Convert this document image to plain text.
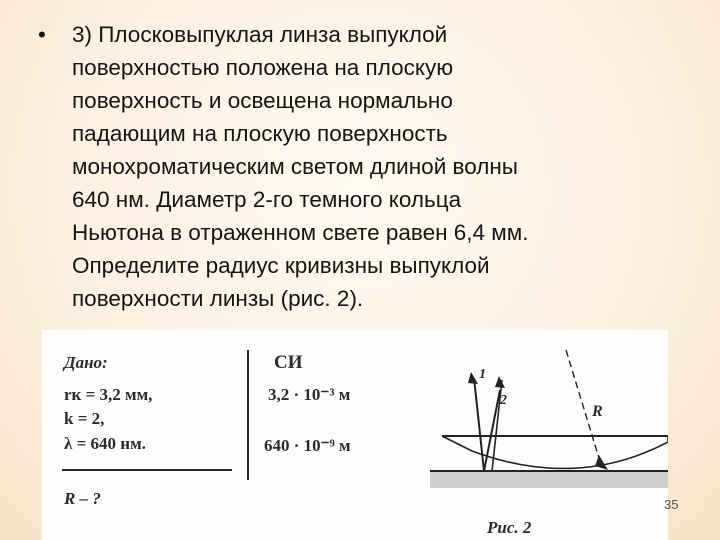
• 3) Плосковыпуклая линза выпуклой
поверхностью положена на плоскую
поверхность и освещена нормально
падающим на плоскую поверхность
монохроматическим светом длиной волны
640 нм. Диаметр 2-го темного кольца
Ньютона в отраженном свете равен 6,4 мм.
Определите радиус кривизны выпуклой
поверхности линзы (рис. 2).
Дано:
rк = 3,2 мм,
k = 2,
λ = 640 нм.
R – ?
СИ
3,2 · 10⁻³ м
640 · 10⁻⁹ м
1
2
R
Рис. 2
35
